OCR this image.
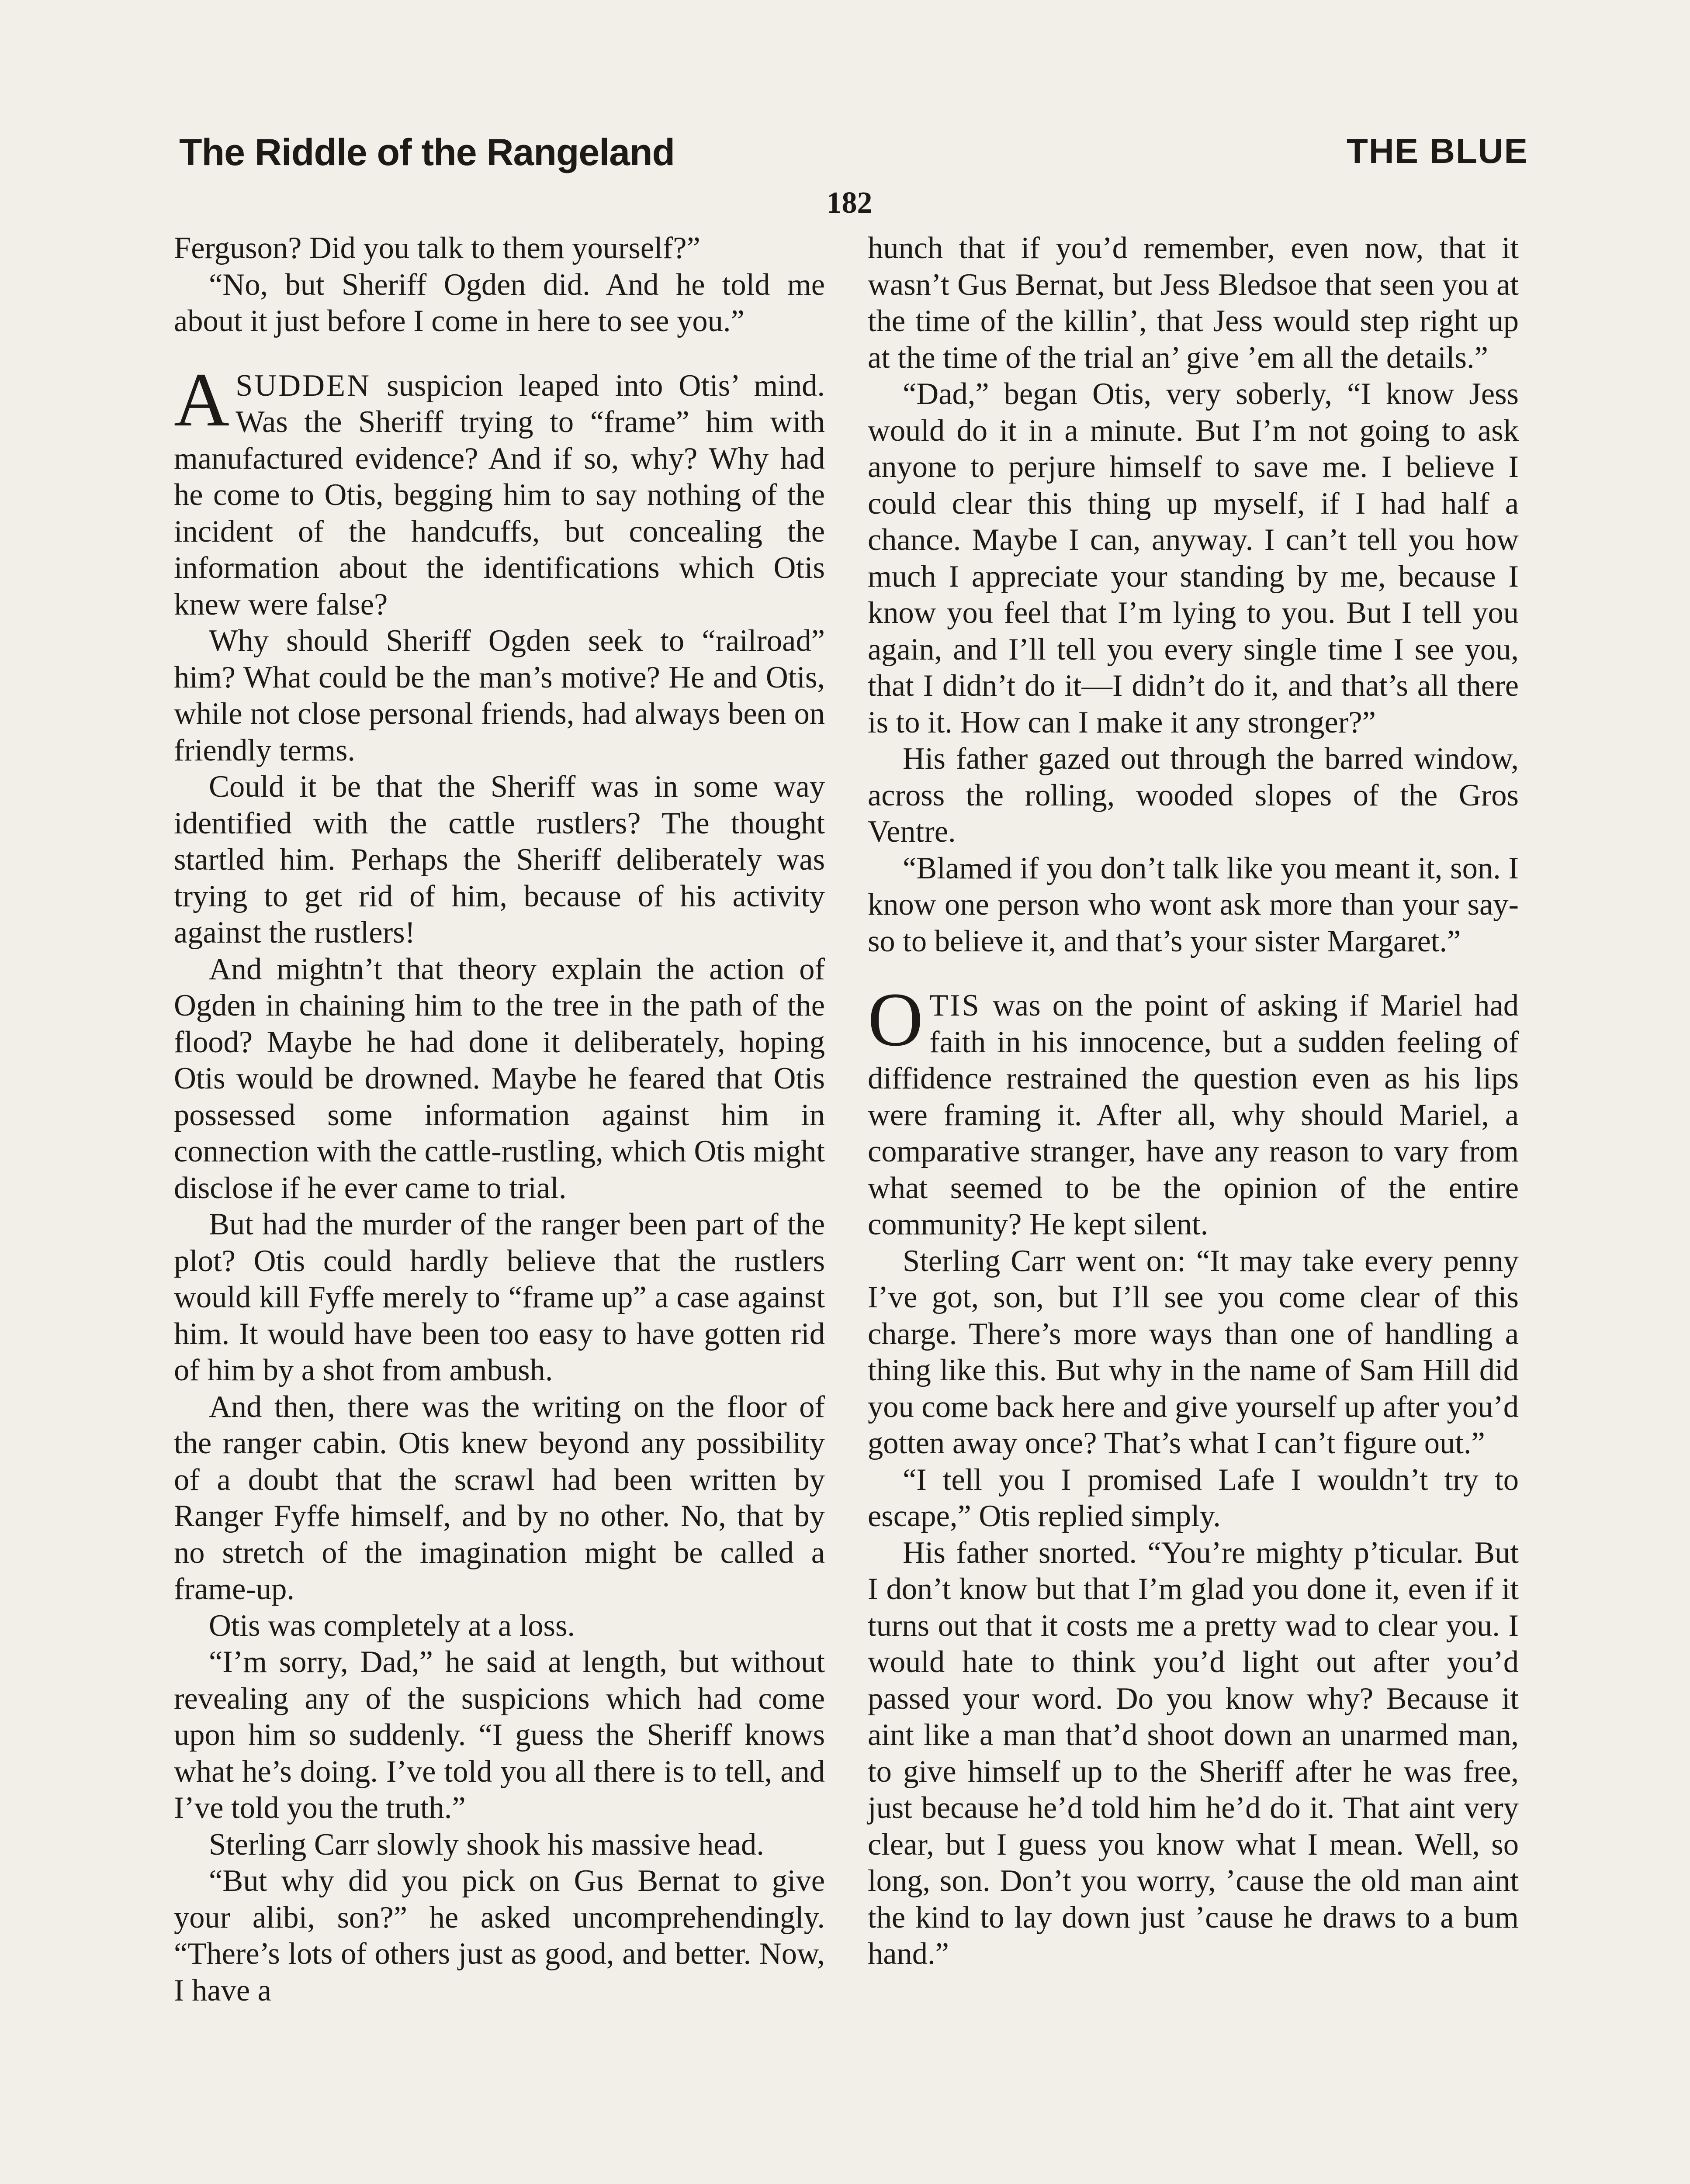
The Riddle of the Rangeland	THE BLUE
182

Ferguson? Did you talk to them yourself?”

“No, but Sheriff Ogden did. And he told me about it just before I come in here to see you.”

ASUDDEN suspicion leaped into Otis’ mind. Was the Sheriff trying to “frame” him with manufactured evidence? And if so, why? Why had he come to Otis, begging him to say nothing of the incident of the handcuffs, but concealing the information about the identifications which Otis knew were false?

Why should Sheriff Ogden seek to “railroad” him? What could be the man’s motive? He and Otis, while not close personal friends, had always been on friendly terms.

Could it be that the Sheriff was in some way identified with the cattle rustlers? The thought startled him. Perhaps the Sheriff deliberately was trying to get rid of him, because of his activity against the rustlers!

And mightn’t that theory explain the action of Ogden in chaining him to the tree in the path of the flood? Maybe he had done it deliberately, hoping Otis would be drowned. Maybe he feared that Otis possessed some information against him in connection with the cattle-rustling, which Otis might disclose if he ever came to trial.

But had the murder of the ranger been part of the plot? Otis could hardly believe that the rustlers would kill Fyffe merely to “frame up” a case against him. It would have been too easy to have gotten rid of him by a shot from ambush.

And then, there was the writing on the floor of the ranger cabin. Otis knew beyond any possibility of a doubt that the scrawl had been written by Ranger Fyffe himself, and by no other. No, that by no stretch of the imagination might be called a frame-up.

Otis was completely at a loss.

“I’m sorry, Dad,” he said at length, but without revealing any of the suspicions which had come upon him so suddenly. “I guess the Sheriff knows what he’s doing. I’ve told you all there is to tell, and I’ve told you the truth.”

Sterling Carr slowly shook his massive head.

“But why did you pick on Gus Bernat to give your alibi, son?” he asked uncomprehendingly. “There’s lots of others just as good, and better. Now, I have a

hunch that if you’d remember, even now, that it wasn’t Gus Bernat, but Jess Bledsoe that seen you at the time of the killin’, that Jess would step right up at the time of the trial an’ give ’em all the details.”

“Dad,” began Otis, very soberly, “I know Jess would do it in a minute. But I’m not going to ask anyone to perjure himself to save me. I believe I could clear this thing up myself, if I had half a chance. Maybe I can, anyway. I can’t tell you how much I appreciate your standing by me, because I know you feel that I’m lying to you. But I tell you again, and I’ll tell you every single time I see you, that I didn’t do it—I didn’t do it, and that’s all there is to it. How can I make it any stronger?”

His father gazed out through the barred window, across the rolling, wooded slopes of the Gros Ventre.

“Blamed if you don’t talk like you meant it, son. I know one person who wont ask more than your say-so to believe it, and that’s your sister Margaret.”

OTIS was on the point of asking if Mariel had faith in his innocence, but a sudden feeling of diffidence restrained the question even as his lips were framing it. After all, why should Mariel, a comparative stranger, have any reason to vary from what seemed to be the opinion of the entire community? He kept silent.

Sterling Carr went on: “It may take every penny I’ve got, son, but I’ll see you come clear of this charge. There’s more ways than one of handling a thing like this. But why in the name of Sam Hill did you come back here and give yourself up after you’d gotten away once? That’s what I can’t figure out.”

“I tell you I promised Lafe I wouldn’t try to escape,” Otis replied simply.

His father snorted. “You’re mighty p’ticular. But I don’t know but that I’m glad you done it, even if it turns out that it costs me a pretty wad to clear you. I would hate to think you’d light out after you’d passed your word. Do you know why? Because it aint like a man that’d shoot down an unarmed man, to give himself up to the Sheriff after he was free, just because he’d told him he’d do it. That aint very clear, but I guess you know what I mean. Well, so long, son. Don’t you worry, ’cause the old man aint the kind to lay down just ’cause he draws to a bum hand.”
